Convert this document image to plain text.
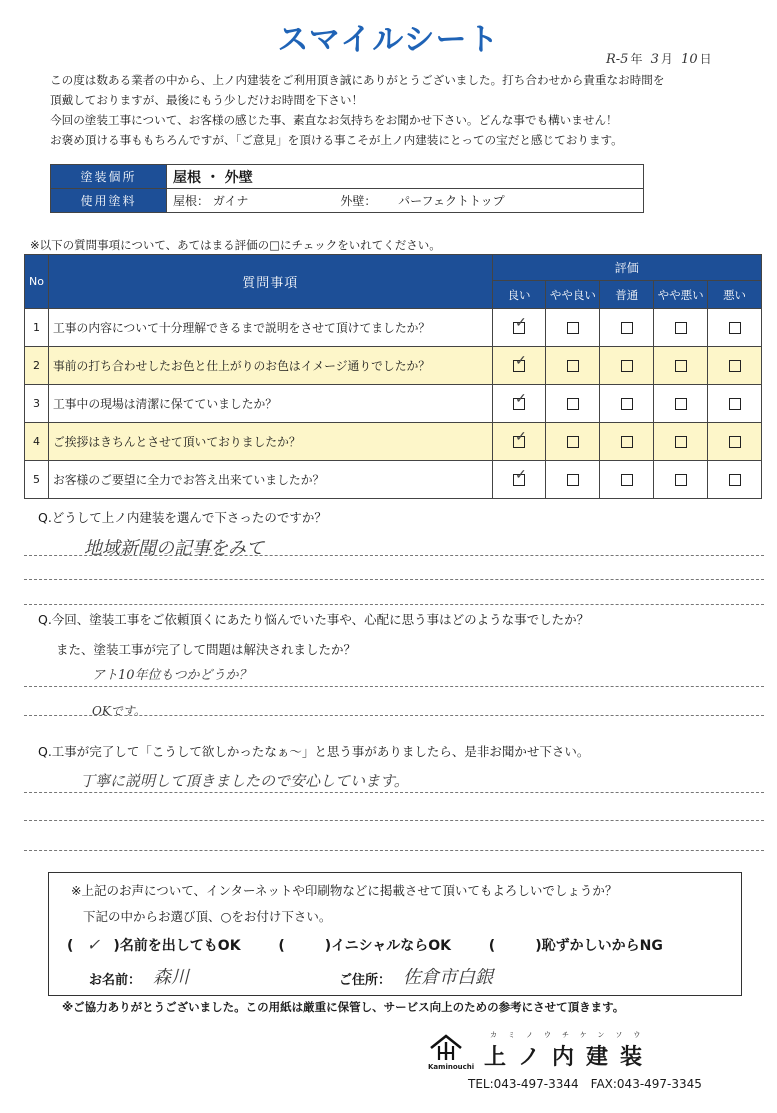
スマイルシート
R-5 年 3 月 10 日
この度は数ある業者の中から、上ノ内建装をご利用頂き誠にありがとうございました。打ち合わせから貴重なお時間を
頂戴しておりますが、最後にもう少しだけお時間を下さい！
今回の塗装工事について、お客様の感じた事、素直なお気持ちをお聞かせ下さい。どんな事でも構いません！
お褒め頂ける事ももちろんですが、「ご意見」を頂ける事こそが上ノ内建装にとっての宝だと感じております。
塗装個所	屋根 ・ 外壁
使用塗料	屋根： ガイナ 外壁： パーフェクトトップ
※以下の質問事項について、あてはまる評価の□にチェックをいれてください。
No	質問事項	評価				
		良い	やや良い	普通	やや悪い	悪い
1	工事の内容について十分理解できるまで説明をさせて頂けてましたか？	✓				

2	事前の打ち合わせしたお色と仕上がりのお色はイメージ通りでしたか？	✓				

3	工事中の現場は清潔に保てていましたか？	✓				

4	ご挨拶はきちんとさせて頂いておりましたか？	✓				

5	お客様のご要望に全力でお答え出来ていましたか？	✓				

Q.どうして上ノ内建装を選んで下さったのですか？
地域新聞の記事をみて
Q.今回、塗装工事をご依頼頂くにあたり悩んでいた事や、心配に思う事はどのような事でしたか？
また、塗装工事が完了して問題は解決されましたか？
アト10年位もつかどうか？
OKです。
Q.工事が完了して「こうして欲しかったなぁ～」と思う事がありましたら、是非お聞かせ下さい。
丁寧に説明して頂きましたので安心しています。
※上記のお声について、インターネットや印刷物などに掲載させて頂いてもよろしいでしょうか？
下記の中からお選び頂、○をお付け下さい。
( ✓ )名前を出してもOK	(	)イニシャルならOK	(	)恥ずかしいからNG
お名前： 森川	ご住所： 佐倉市白銀
※ご協力ありがとうございました。この用紙は厳重に保管し、サービス向上のための参考にさせて頂きます。
Kaminouchi
カミノウチケンソウ
上ノ内建装
TEL:043-497-3344　FAX:043-497-3345
